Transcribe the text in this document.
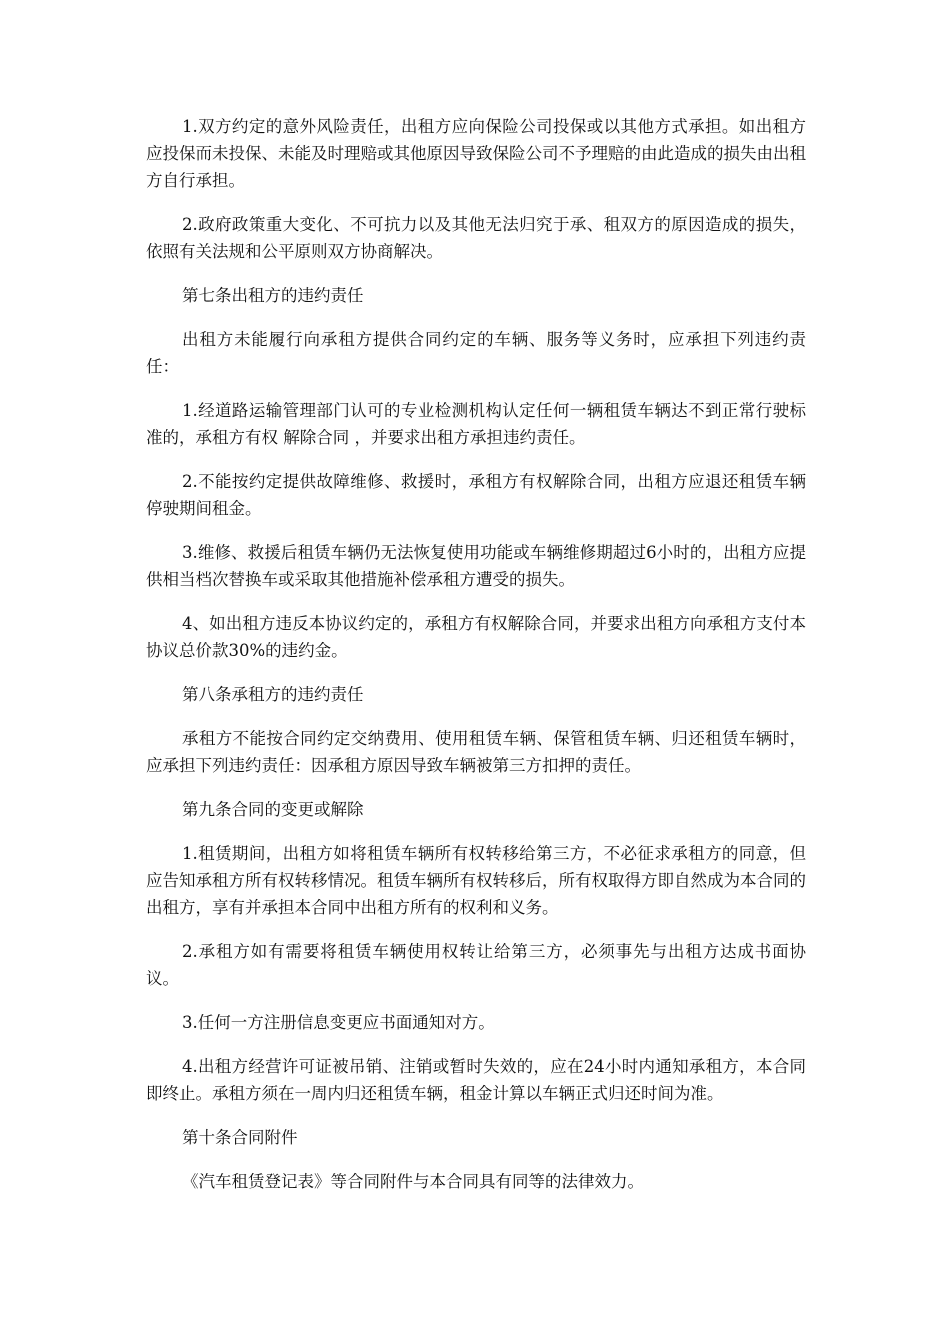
1.双方约定的意外风险责任，出租方应向保险公司投保或以其他方式承担。如出租方应投保而未投保、未能及时理赔或其他原因导致保险公司不予理赔的由此造成的损失由出租方自行承担。

2.政府政策重大变化、不可抗力以及其他无法归究于承、租双方的原因造成的损失，依照有关法规和公平原则双方协商解决。

第七条出租方的违约责任

出租方未能履行向承租方提供合同约定的车辆、服务等义务时，应承担下列违约责任：

1.经道路运输管理部门认可的专业检测机构认定任何一辆租赁车辆达不到正常行驶标准的，承租方有权 解除合同 ，并要求出租方承担违约责任。

2.不能按约定提供故障维修、救援时，承租方有权解除合同，出租方应退还租赁车辆停驶期间租金。

3.维修、救援后租赁车辆仍无法恢复使用功能或车辆维修期超过6小时的，出租方应提供相当档次替换车或采取其他措施补偿承租方遭受的损失。

4、如出租方违反本协议约定的，承租方有权解除合同，并要求出租方向承租方支付本协议总价款30%的违约金。

第八条承租方的违约责任

承租方不能按合同约定交纳费用、使用租赁车辆、保管租赁车辆、归还租赁车辆时，应承担下列违约责任：因承租方原因导致车辆被第三方扣押的责任。

第九条合同的变更或解除

1.租赁期间，出租方如将租赁车辆所有权转移给第三方，不必征求承租方的同意，但应告知承租方所有权转移情况。租赁车辆所有权转移后，所有权取得方即自然成为本合同的出租方，享有并承担本合同中出租方所有的权利和义务。

2.承租方如有需要将租赁车辆使用权转让给第三方，必须事先与出租方达成书面协议。

3.任何一方注册信息变更应书面通知对方。

4.出租方经营许可证被吊销、注销或暂时失效的，应在24小时内通知承租方，本合同即终止。承租方须在一周内归还租赁车辆，租金计算以车辆正式归还时间为准。

第十条合同附件

《汽车租赁登记表》等合同附件与本合同具有同等的法律效力。
